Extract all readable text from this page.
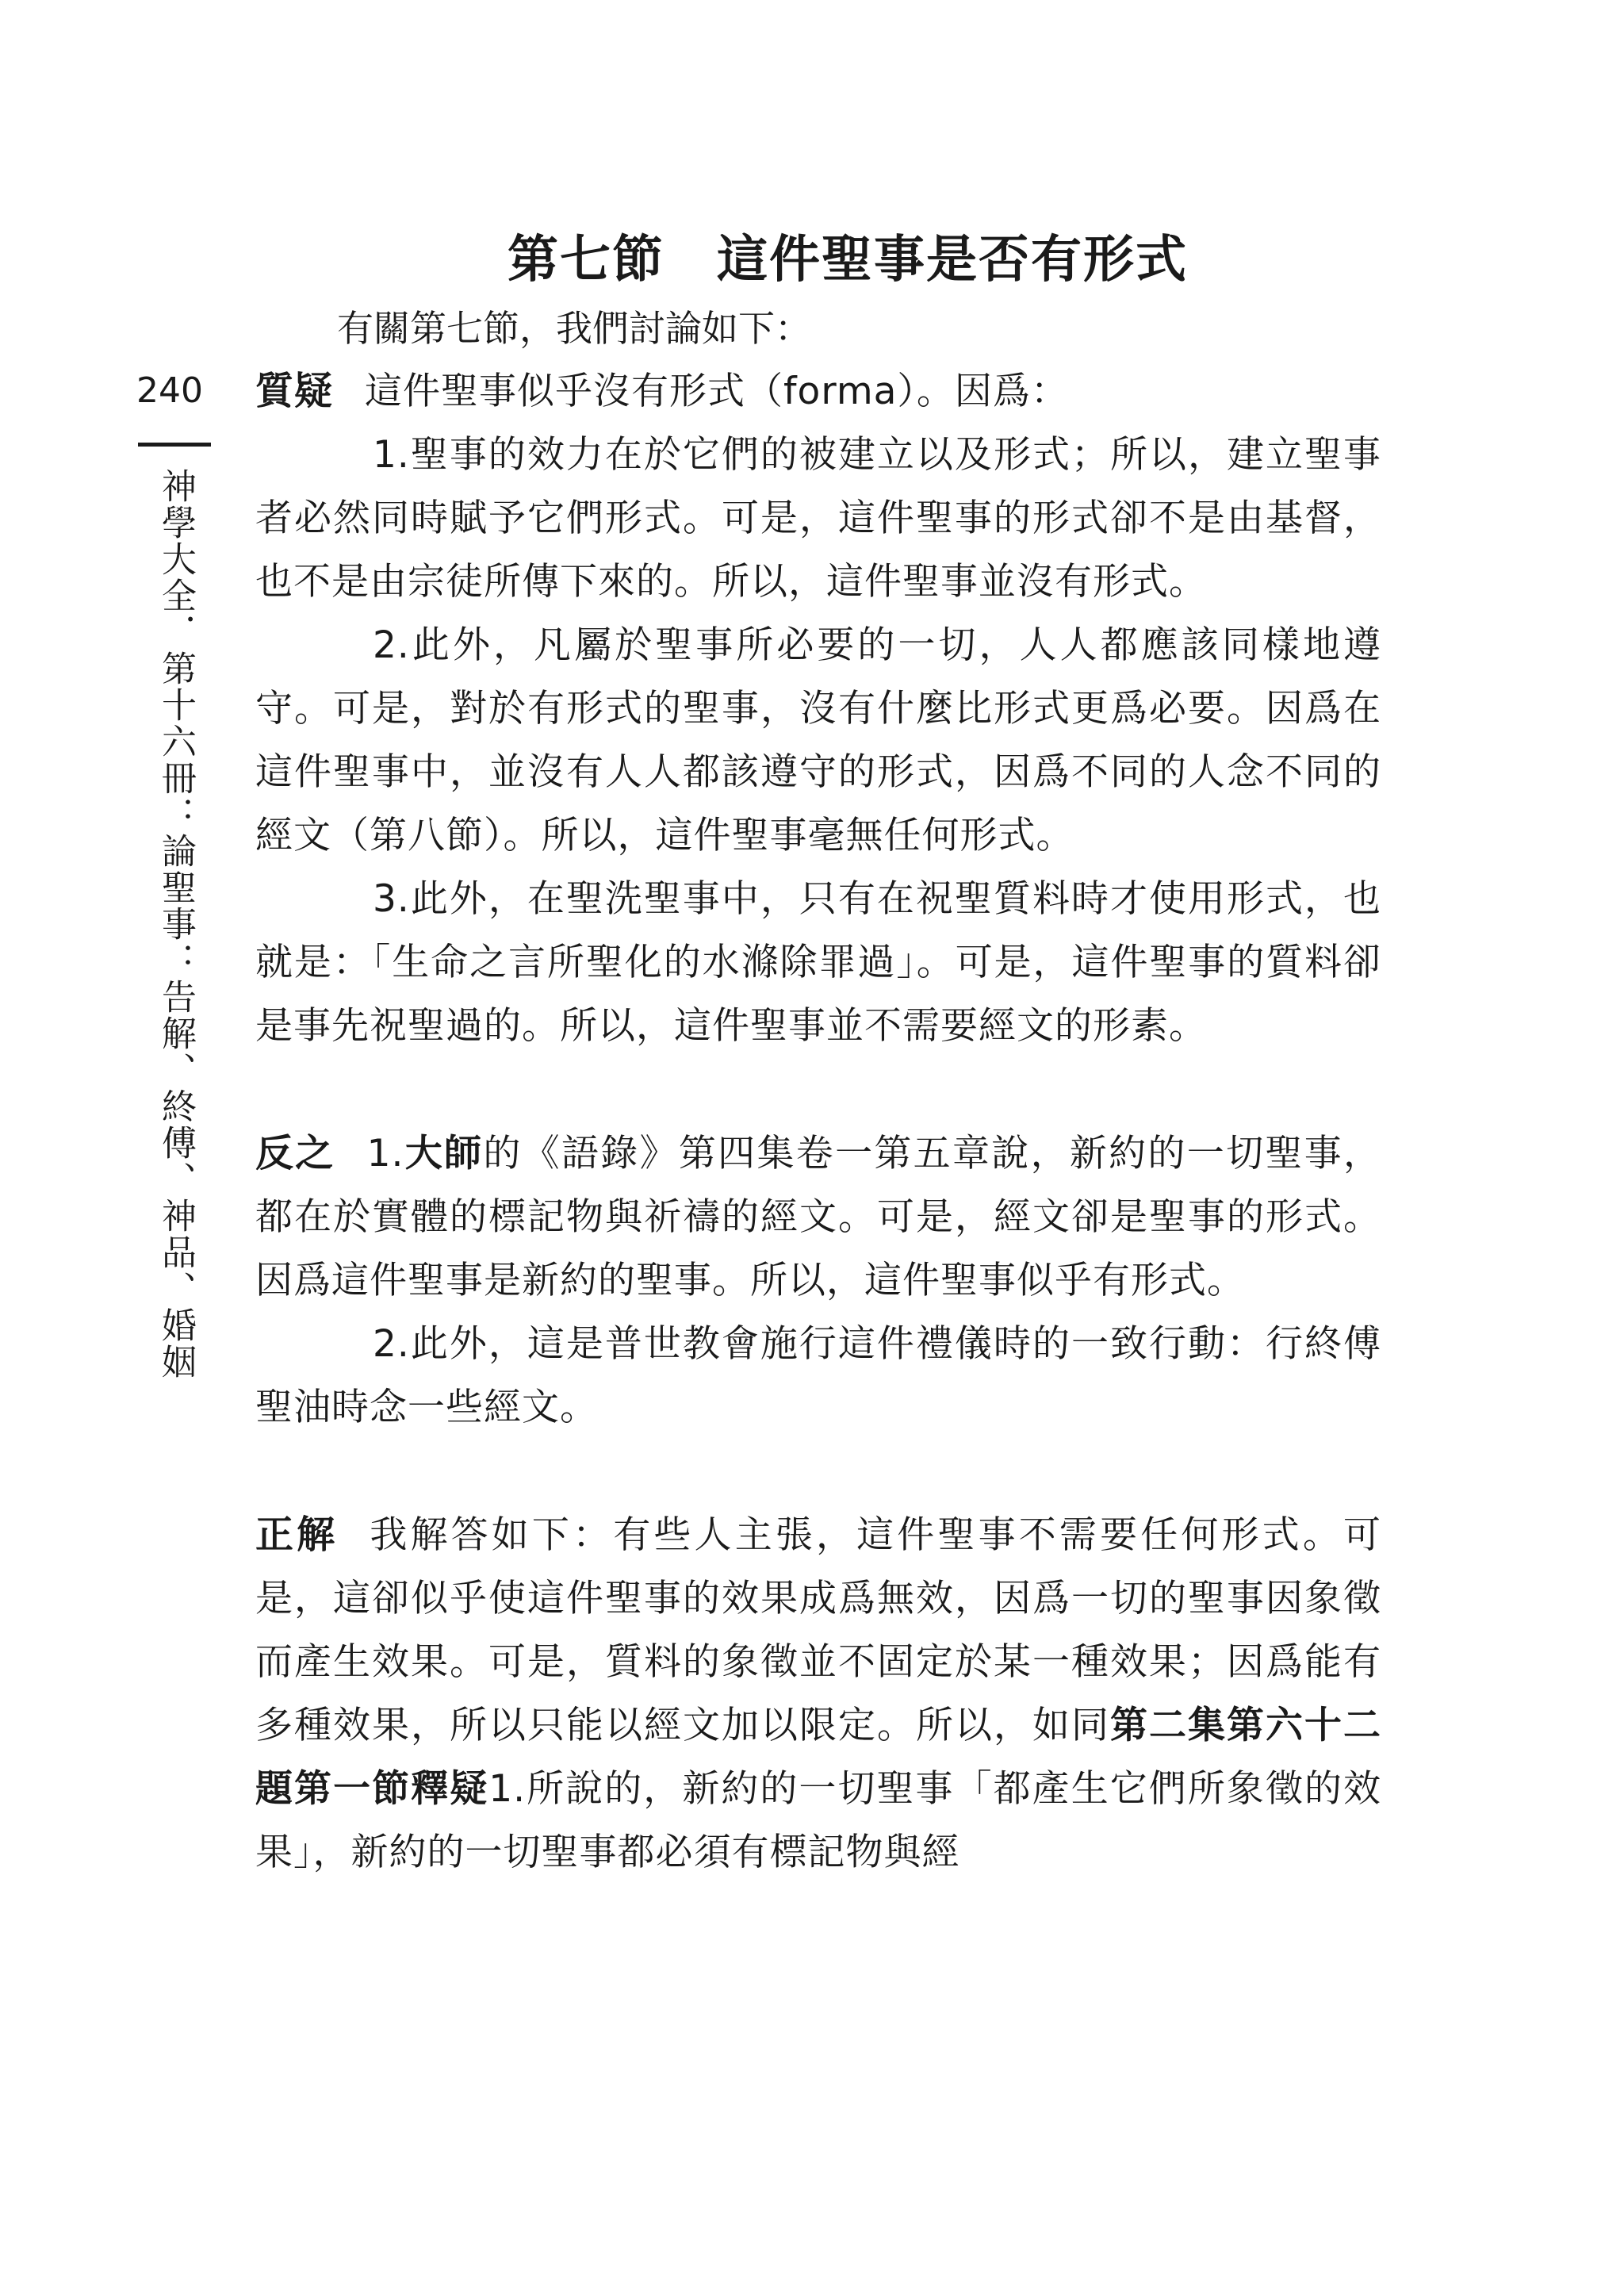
第七節　這件聖事是否有形式
有關第七節，我們討論如下：
240
神學大全．第十六冊：論聖事：告解、終傅、神品、婚姻

質疑 這件聖事似乎沒有形式（forma）。因爲：

1.聖事的效力在於它們的被建立以及形式；所以，建立聖事者必然同時賦予它們形式。可是，這件聖事的形式卻不是由基督，也不是由宗徒所傳下來的。所以，這件聖事並沒有形式。

2.此外，凡屬於聖事所必要的一切，人人都應該同樣地遵守。可是，對於有形式的聖事，沒有什麼比形式更爲必要。因爲在這件聖事中，並沒有人人都該遵守的形式，因爲不同的人念不同的經文（第八節）。所以，這件聖事毫無任何形式。

3.此外，在聖洗聖事中，只有在祝聖質料時才使用形式，也就是：「生命之言所聖化的水滌除罪過」。可是，這件聖事的質料卻是事先祝聖過的。所以，這件聖事並不需要經文的形素。

反之 1.大師的《語錄》第四集卷一第五章說，新約的一切聖事，都在於實體的標記物與祈禱的經文。可是，經文卻是聖事的形式。因爲這件聖事是新約的聖事。所以，這件聖事似乎有形式。

2.此外，這是普世教會施行這件禮儀時的一致行動：行終傅聖油時念一些經文。

正解 我解答如下：有些人主張，這件聖事不需要任何形式。可是，這卻似乎使這件聖事的效果成爲無效，因爲一切的聖事因象徵而產生效果。可是，質料的象徵並不固定於某一種效果；因爲能有多種效果，所以只能以經文加以限定。所以，如同第二集第六十二題第一節釋疑1.所說的，新約的一切聖事「都產生它們所象徵的效果」，新約的一切聖事都必須有標記物與經
